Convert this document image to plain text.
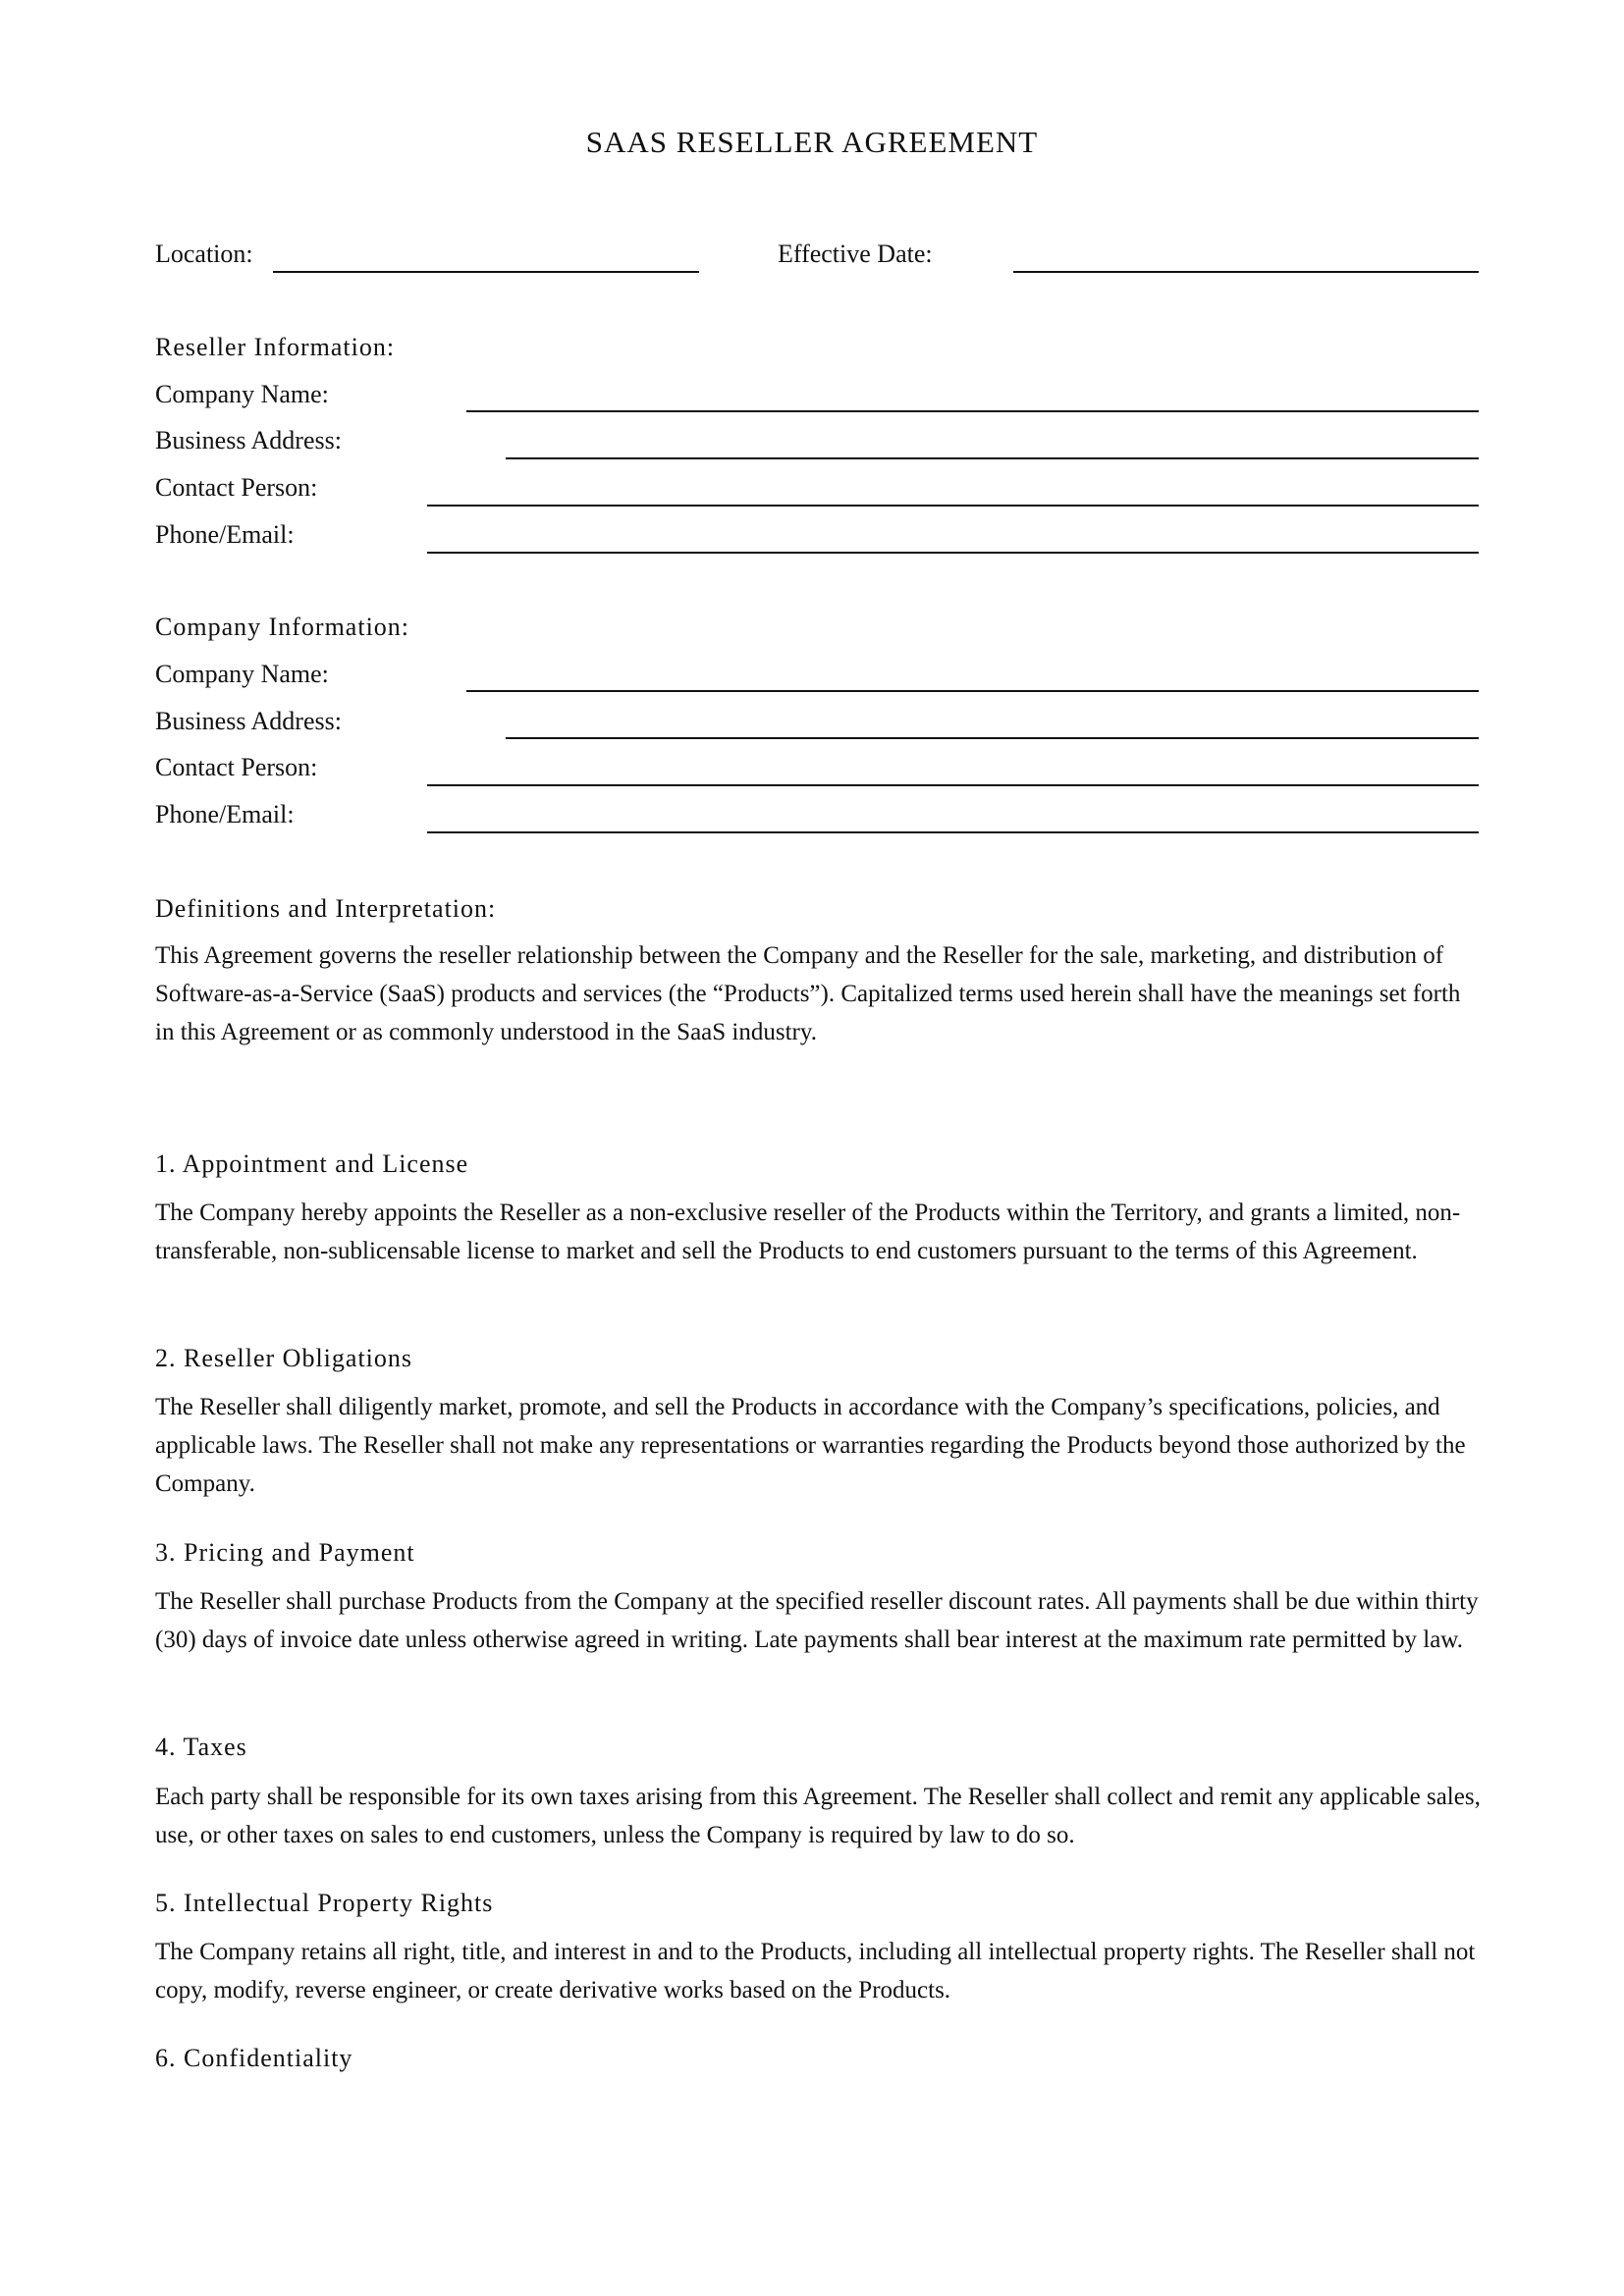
SAAS RESELLER AGREEMENT
Location:	Effective Date:
Reseller Information:
Company Name:
Business Address:
Contact Person:
Phone/Email:
Company Information:
Company Name:
Business Address:
Contact Person:
Phone/Email:
Definitions and Interpretation:

This Agreement governs the reseller relationship between the Company and the Reseller for the sale, marketing, and distribution of Software-as-a-Service (SaaS) products and services (the “Products”). Capitalized terms used herein shall have the meanings set forth in this Agreement or as commonly understood in the SaaS industry.

1. Appointment and License

The Company hereby appoints the Reseller as a non-exclusive reseller of the Products within the Territory, and grants a limited, non-transferable, non-sublicensable license to market and sell the Products to end customers pursuant to the terms of this Agreement.

2. Reseller Obligations

The Reseller shall diligently market, promote, and sell the Products in accordance with the Company’s specifications, policies, and applicable laws. The Reseller shall not make any representations or warranties regarding the Products beyond those authorized by the Company.

3. Pricing and Payment

The Reseller shall purchase Products from the Company at the specified reseller discount rates. All payments shall be due within thirty (30) days of invoice date unless otherwise agreed in writing. Late payments shall bear interest at the maximum rate permitted by law.

4. Taxes

Each party shall be responsible for its own taxes arising from this Agreement. The Reseller shall collect and remit any applicable sales, use, or other taxes on sales to end customers, unless the Company is required by law to do so.

5. Intellectual Property Rights

The Company retains all right, title, and interest in and to the Products, including all intellectual property rights. The Reseller shall not copy, modify, reverse engineer, or create derivative works based on the Products.

6. Confidentiality
